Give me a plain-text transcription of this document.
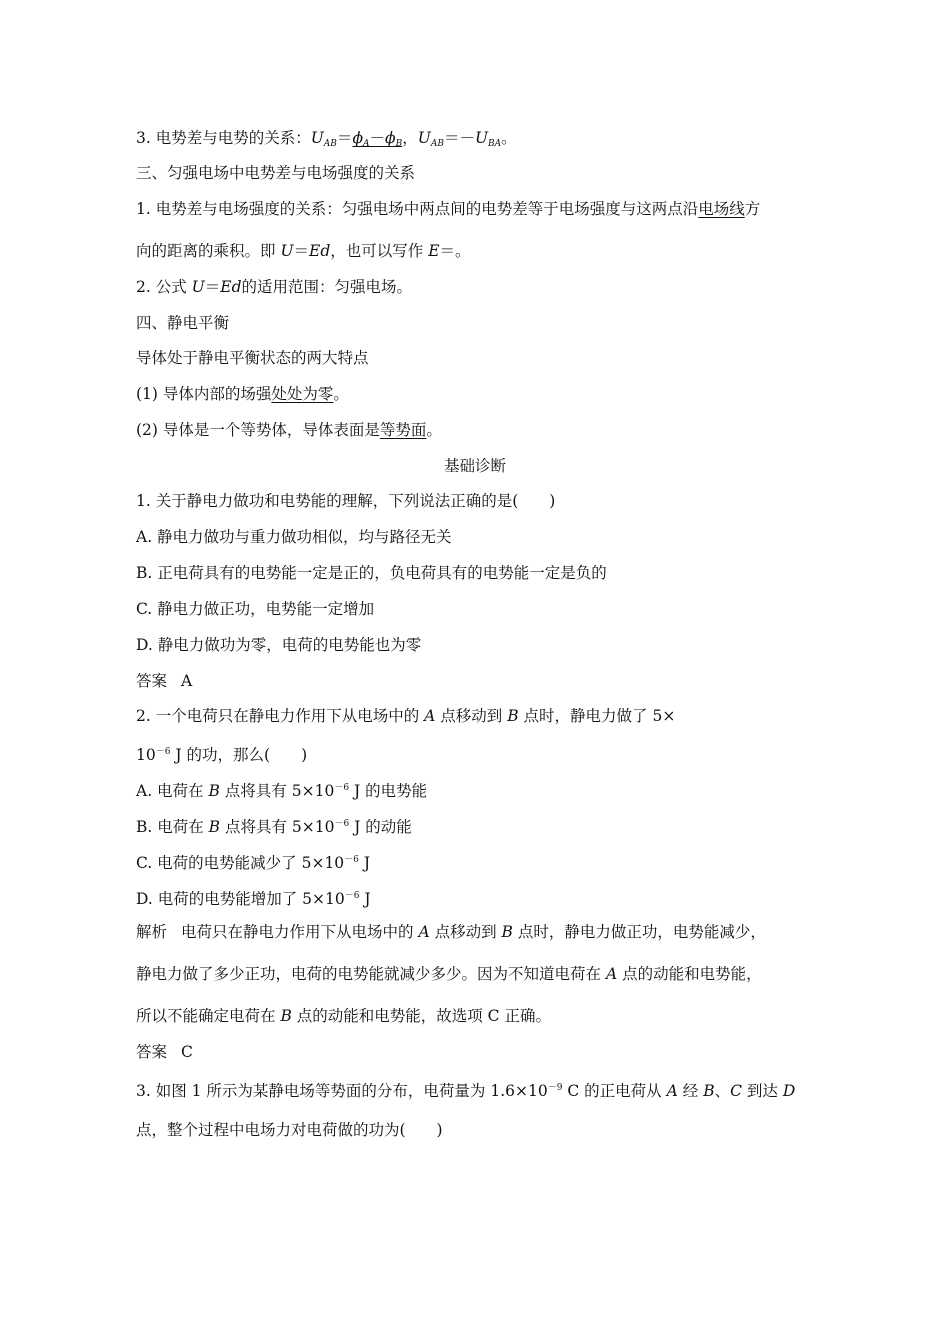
3. 电势差与电势的关系：$U_{AB}=\phi_A-\phi_B$，$U_{AB}=-U_{BA}$。
三、匀强电场中电势差与电场强度的关系
1. 电势差与电场强度的关系：匀强电场中两点间的电势差等于电场强度与这两点沿电场线方
向的距离的乘积。即 U＝Ed，也可以写作 E＝。
2. 公式 U＝Ed的适用范围：匀强电场。
四、静电平衡
导体处于静电平衡状态的两大特点
(1) 导体内部的场强处处为零。
(2) 导体是一个等势体，导体表面是等势面。
基础诊断
1. 关于静电力做功和电势能的理解，下列说法正确的是(　　)
A. 静电力做功与重力做功相似，均与路径无关
B. 正电荷具有的电势能一定是正的，负电荷具有的电势能一定是负的
C. 静电力做正功，电势能一定增加
D. 静电力做功为零，电荷的电势能也为零
答案 A
2. 一个电荷只在静电力作用下从电场中的 A 点移动到 B 点时，静电力做了 5×
$10^{-6}$ J 的功，那么(　　)
A. 电荷在 B 点将具有 $5\times 10^{-6}$ J 的电势能
B. 电荷在 B 点将具有 $5\times 10^{-6}$ J 的动能
C. 电荷的电势能减少了 $5\times 10^{-6}$ J
D. 电荷的电势能增加了 $5\times 10^{-6}$ J
解析 电荷只在静电力作用下从电场中的 A 点移动到 B 点时，静电力做正功，电势能减少，
静电力做了多少正功，电荷的电势能就减少多少。因为不知道电荷在 A 点的动能和电势能，
所以不能确定电荷在 B 点的动能和电势能，故选项 C 正确。
答案 C
3. 如图 1 所示为某静电场等势面的分布，电荷量为 $1.6\times 10^{-9}$ C 的正电荷从 A 经 B、C 到达 D
点，整个过程中电场力对电荷做的功为(　　)
